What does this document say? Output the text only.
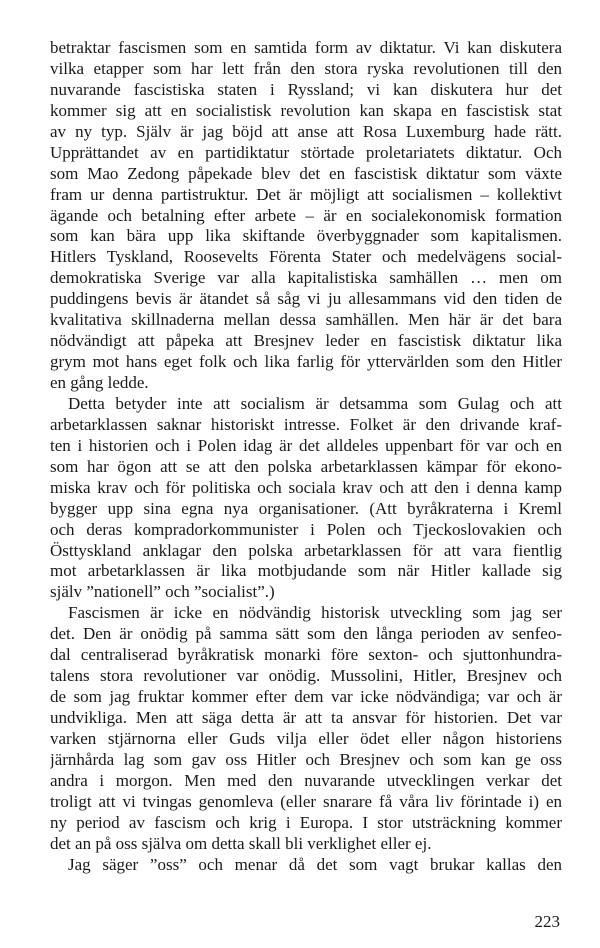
betraktar fascismen som en samtida form av diktatur. Vi kan diskutera
vilka etapper som har lett från den stora ryska revolutionen till den
nuvarande fascistiska staten i Ryssland; vi kan diskutera hur det
kommer sig att en socialistisk revolution kan skapa en fascistisk stat
av ny typ. Själv är jag böjd att anse att Rosa Luxemburg hade rätt.
Upprättandet av en partidiktatur störtade proletariatets diktatur. Och
som Mao Zedong påpekade blev det en fascistisk diktatur som växte
fram ur denna partistruktur. Det är möjligt att socialismen – kollektivt
ägande och betalning efter arbete – är en socialekonomisk formation
som kan bära upp lika skiftande överbyggnader som kapitalismen.
Hitlers Tyskland, Roosevelts Förenta Stater och medelvägens social-
demokratiska Sverige var alla kapitalistiska samhällen … men om
puddingens bevis är ätandet så såg vi ju allesammans vid den tiden de
kvalitativa skillnaderna mellan dessa samhällen. Men här är det bara
nödvändigt att påpeka att Bresjnev leder en fascistisk diktatur lika
grym mot hans eget folk och lika farlig för yttervärlden som den Hitler
en gång ledde.
Detta betyder inte att socialism är detsamma som Gulag och att
arbetarklassen saknar historiskt intresse. Folket är den drivande kraf-
ten i historien och i Polen idag är det alldeles uppenbart för var och en
som har ögon att se att den polska arbetarklassen kämpar för ekono-
miska krav och för politiska och sociala krav och att den i denna kamp
bygger upp sina egna nya organisationer. (Att byråkraterna i Kreml
och deras kompradorkommunister i Polen och Tjeckoslovakien och
Östtyskland anklagar den polska arbetarklassen för att vara fientlig
mot arbetarklassen är lika motbjudande som när Hitler kallade sig
själv ”nationell” och ”socialist”.)
Fascismen är icke en nödvändig historisk utveckling som jag ser
det. Den är onödig på samma sätt som den långa perioden av senfeo-
dal centraliserad byråkratisk monarki före sexton- och sjuttonhundra-
talens stora revolutioner var onödig. Mussolini, Hitler, Bresjnev och
de som jag fruktar kommer efter dem var icke nödvändiga; var och är
undvikliga. Men att säga detta är att ta ansvar för historien. Det var
varken stjärnorna eller Guds vilja eller ödet eller någon historiens
järnhårda lag som gav oss Hitler och Bresjnev och som kan ge oss
andra i morgon. Men med den nuvarande utvecklingen verkar det
troligt att vi tvingas genomleva (eller snarare få våra liv förintade i) en
ny period av fascism och krig i Europa. I stor utsträckning kommer
det an på oss själva om detta skall bli verklighet eller ej.
Jag säger ”oss” och menar då det som vagt brukar kallas den
223
